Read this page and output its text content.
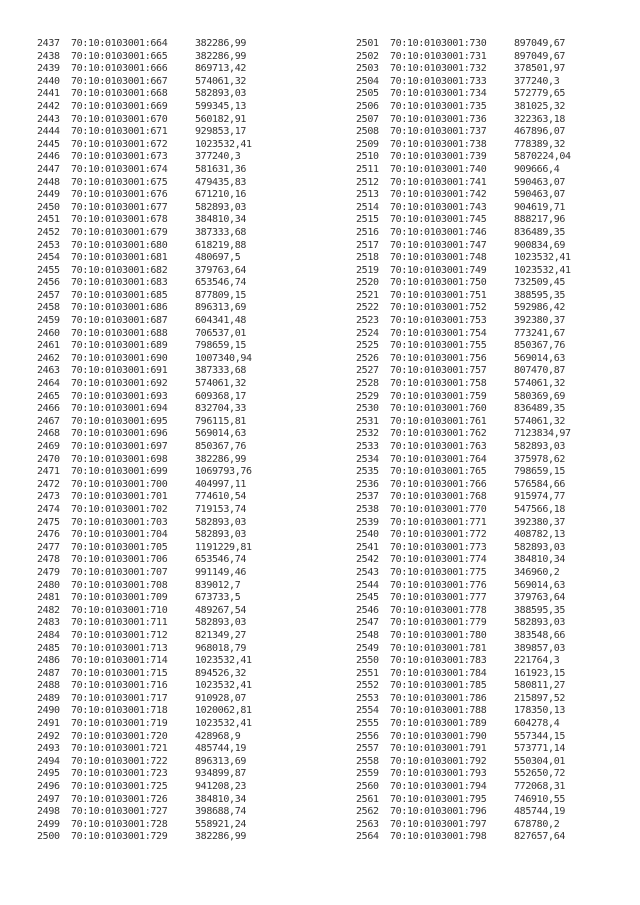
2437 70:10:0103001:664	382286,99
2438 70:10:0103001:665	382286,99
2439 70:10:0103001:666	869713,42
2440 70:10:0103001:667	574061,32
2441 70:10:0103001:668	582893,03
2442 70:10:0103001:669	599345,13
2443 70:10:0103001:670	560182,91
2444 70:10:0103001:671	929853,17
2445 70:10:0103001:672	1023532,41
2446 70:10:0103001:673	377240,3
2447 70:10:0103001:674	581631,36
2448 70:10:0103001:675	479435,83
2449 70:10:0103001:676	671210,16
2450 70:10:0103001:677	582893,03
2451 70:10:0103001:678	384810,34
2452 70:10:0103001:679	387333,68
2453 70:10:0103001:680	618219,88
2454 70:10:0103001:681	480697,5
2455 70:10:0103001:682	379763,64
2456 70:10:0103001:683	653546,74
2457 70:10:0103001:685	877809,15
2458 70:10:0103001:686	896313,69
2459 70:10:0103001:687	604341,48
2460 70:10:0103001:688	706537,01
2461 70:10:0103001:689	798659,15
2462 70:10:0103001:690	1007340,94
2463 70:10:0103001:691	387333,68
2464 70:10:0103001:692	574061,32
2465 70:10:0103001:693	609368,17
2466 70:10:0103001:694	832704,33
2467 70:10:0103001:695	796115,81
2468 70:10:0103001:696	569014,63
2469 70:10:0103001:697	850367,76
2470 70:10:0103001:698	382286,99
2471 70:10:0103001:699	1069793,76
2472 70:10:0103001:700	404997,11
2473 70:10:0103001:701	774610,54
2474 70:10:0103001:702	719153,74
2475 70:10:0103001:703	582893,03
2476 70:10:0103001:704	582893,03
2477 70:10:0103001:705	1191229,81
2478 70:10:0103001:706	653546,74
2479 70:10:0103001:707	991149,46
2480 70:10:0103001:708	839012,7
2481 70:10:0103001:709	673733,5
2482 70:10:0103001:710	489267,54
2483 70:10:0103001:711	582893,03
2484 70:10:0103001:712	821349,27
2485 70:10:0103001:713	968018,79
2486 70:10:0103001:714	1023532,41
2487 70:10:0103001:715	894526,32
2488 70:10:0103001:716	1023532,41
2489 70:10:0103001:717	910928,07
2490 70:10:0103001:718	1020062,81
2491 70:10:0103001:719	1023532,41
2492 70:10:0103001:720	428968,9
2493 70:10:0103001:721	485744,19
2494 70:10:0103001:722	896313,69
2495 70:10:0103001:723	934899,87
2496 70:10:0103001:725	941208,23
2497 70:10:0103001:726	384810,34
2498 70:10:0103001:727	398688,74
2499 70:10:0103001:728	558921,24
2500 70:10:0103001:729	382286,99
2501 70:10:0103001:730	897049,67
2502 70:10:0103001:731	897049,67
2503 70:10:0103001:732	378501,97
2504 70:10:0103001:733	377240,3
2505 70:10:0103001:734	572779,65
2506 70:10:0103001:735	381025,32
2507 70:10:0103001:736	322363,18
2508 70:10:0103001:737	467896,07
2509 70:10:0103001:738	778389,32
2510 70:10:0103001:739	5870224,04
2511 70:10:0103001:740	909666,4
2512 70:10:0103001:741	590463,07
2513 70:10:0103001:742	590463,07
2514 70:10:0103001:743	904619,71
2515 70:10:0103001:745	888217,96
2516 70:10:0103001:746	836489,35
2517 70:10:0103001:747	900834,69
2518 70:10:0103001:748	1023532,41
2519 70:10:0103001:749	1023532,41
2520 70:10:0103001:750	732509,45
2521 70:10:0103001:751	388595,35
2522 70:10:0103001:752	592986,42
2523 70:10:0103001:753	392380,37
2524 70:10:0103001:754	773241,67
2525 70:10:0103001:755	850367,76
2526 70:10:0103001:756	569014,63
2527 70:10:0103001:757	807470,87
2528 70:10:0103001:758	574061,32
2529 70:10:0103001:759	580369,69
2530 70:10:0103001:760	836489,35
2531 70:10:0103001:761	574061,32
2532 70:10:0103001:762	7123834,97
2533 70:10:0103001:763	582893,03
2534 70:10:0103001:764	375978,62
2535 70:10:0103001:765	798659,15
2536 70:10:0103001:766	576584,66
2537 70:10:0103001:768	915974,77
2538 70:10:0103001:770	547566,18
2539 70:10:0103001:771	392380,37
2540 70:10:0103001:772	408782,13
2541 70:10:0103001:773	582893,03
2542 70:10:0103001:774	384810,34
2543 70:10:0103001:775	346960,2
2544 70:10:0103001:776	569014,63
2545 70:10:0103001:777	379763,64
2546 70:10:0103001:778	388595,35
2547 70:10:0103001:779	582893,03
2548 70:10:0103001:780	383548,66
2549 70:10:0103001:781	389857,03
2550 70:10:0103001:783	221764,3
2551 70:10:0103001:784	161923,15
2552 70:10:0103001:785	580811,27
2553 70:10:0103001:786	215897,52
2554 70:10:0103001:788	178350,13
2555 70:10:0103001:789	604278,4
2556 70:10:0103001:790	557344,15
2557 70:10:0103001:791	573771,14
2558 70:10:0103001:792	550304,01
2559 70:10:0103001:793	552650,72
2560 70:10:0103001:794	772068,31
2561 70:10:0103001:795	746910,55
2562 70:10:0103001:796	485744,19
2563 70:10:0103001:797	678780,2
2564 70:10:0103001:798	827657,64
